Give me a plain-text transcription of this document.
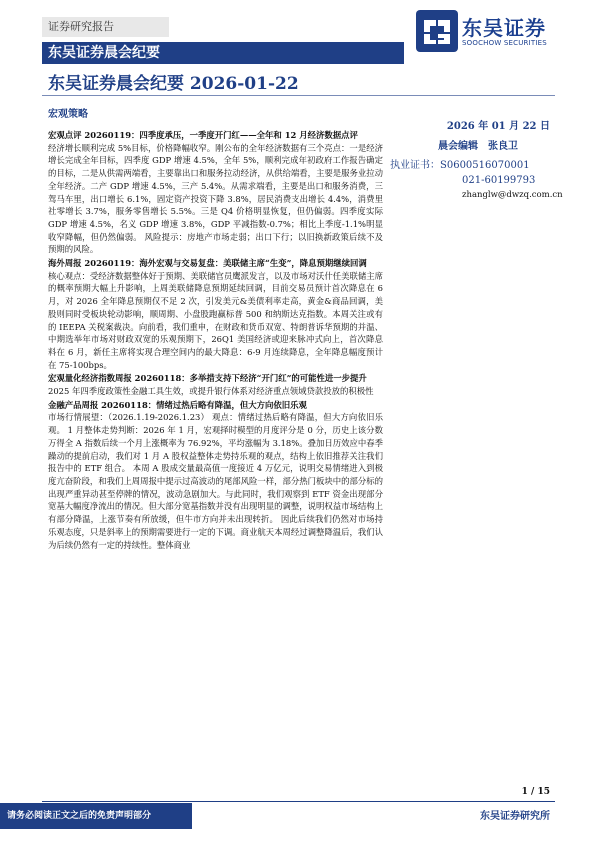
证券研究报告	东吴证券
SOOCHOW SECURITIES
东吴证券晨会纪要
东吴证券晨会纪要 2026-01-22
宏观策略
2026 年 01 月 22 日
晨会编辑　张良卫
执业证书：S0600516070001
021-60199793
zhanglw@dwzq.com.cn

宏观点评 20260119：四季度承压，一季度开门红——全年和 12 月经济数据点评

经济增长顺利完成 5%目标，价格降幅收窄。刚公布的全年经济数据有三个亮点：一是经济增长完成全年目标，四季度 GDP 增速 4.5%，全年 5%，顺利完成年初政府工作报告确定的目标，二是从供需两端看，主要靠出口和服务拉动经济，从供给端看，主要是服务业拉动全年经济。二产 GDP 增速 4.5%，三产 5.4%。从需求端看，主要是出口和服务消费，三驾马车里，出口增长 6.1%，固定资产投资下降 3.8%，居民消费支出增长 4.4%，消费里社零增长 3.7%，服务零售增长 5.5%。三是 Q4 价格明显恢复，但仍偏弱。四季度实际 GDP 增速 4.5%，名义 GDP 增速 3.8%，GDP 平减指数-0.7%；相比上季度-1.1%明显收窄降幅，但仍然偏弱。 风险提示：房地产市场走弱；出口下行；以旧换新政策后续不及预期的风险。

海外周报 20260119：海外宏观与交易复盘：美联储主席“生变”，降息预期继续回调

核心观点：受经济数据整体好于预期、美联储官员鹰派发言，以及市场对沃什任美联储主席的概率预期大幅上升影响，上周美联储降息预期延续回调，目前交易员预计首次降息在 6 月，对 2026 全年降息预期仅不足 2 次，引发美元&美债利率走高，黄金&商品回调，美股则同时受板块轮动影响，顺周期、小盘股跑赢标普 500 和纳斯达克指数。本周关注或有的 IEEPA 关税案裁决。向前看，我们重申，在财政和货币双宽、特朗普诉华预期的并温、中期选举年市场对财政双宽的乐观预期下，26Q1 美国经济或迎来脉冲式向上，首次降息料在 6 月，新任主席将实现合理空间内的最大降息：6-9 月连续降息，全年降息幅度预计在 75-100bps。

宏观量化经济指数周报 20260118：多举措支持下经济“开门红”的可能性进一步提升

2025 年四季度政策性金融工具生效，或提升银行体系对经济重点领域贷款投放的积极性

金融产品周报 20260118：情绪过热后略有降温，但大方向依旧乐观

市场行情展望：（2026.1.19-2026.1.23） 观点：情绪过热后略有降温，但大方向依旧乐观。 1 月整体走势判断：2026 年 1 月，宏观择时模型的月度评分是 0 分，历史上该分数万得全 A 指数后续一个月上涨概率为 76.92%，平均涨幅为 3.18%。叠加日历效应中春季躁动的提前启动，我们对 1 月 A 股权益整体走势持乐观的观点，结构上依旧推荐关注我们报告中的 ETF 组合。 本周 A 股成交量最高值一度接近 4 万亿元，说明交易情绪进入到极度亢奋阶段，和我们上周周报中提示过高波动的尾部风险一样，部分热门板块中的部分标的出现严重异动甚至停牌的情况，波动急剧加大。与此同时，我们观察到 ETF 资金出现部分宽基大幅度净流出的情况。但大部分宽基指数并没有出现明显的调整，说明权益市场结构上有部分降温，上涨节奏有所放缓，但牛市方向并未出现转折。 因此后续我们仍然对市场持乐观态度，只是斜率上的预期需要进行一定的下调。商业航天本周经过调整降温后，我们认为后续仍然有一定的持续性。整体商业

1 / 15
请务必阅读正文之后的免责声明部分	东吴证券研究所
